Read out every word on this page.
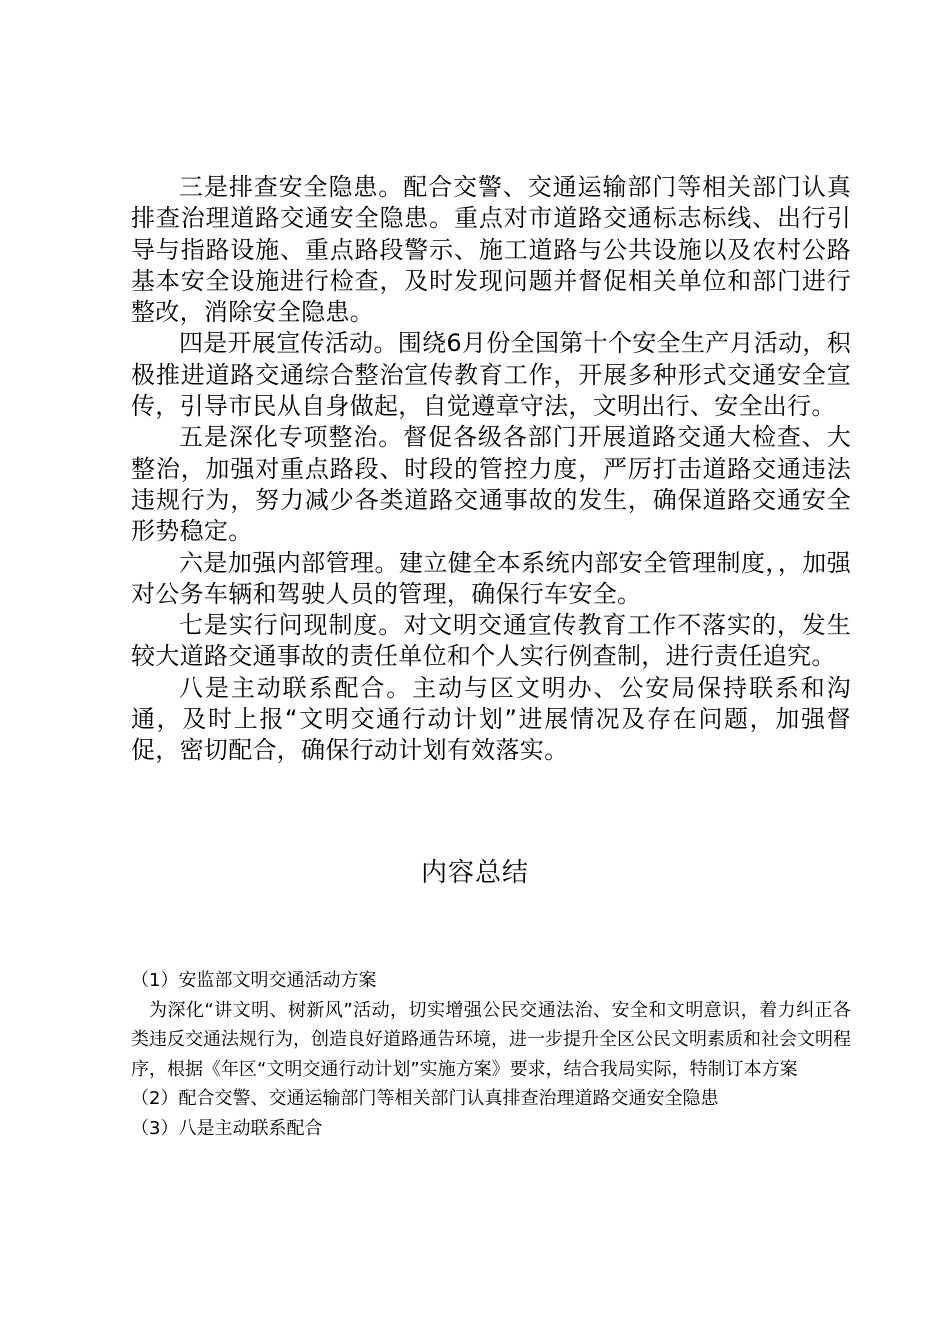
三是排查安全隐患。配合交警、交通运输部门等相关部门认真排查治理道路交通安全隐患。重点对市道路交通标志标线、出行引导与指路设施、重点路段警示、施工道路与公共设施以及农村公路基本安全设施进行检查，及时发现问题并督促相关单位和部门进行整改，消除安全隐患。

四是开展宣传活动。围绕6月份全国第十个安全生产月活动，积极推进道路交通综合整治宣传教育工作，开展多种形式交通安全宣传，引导市民从自身做起，自觉遵章守法，文明出行、安全出行。

五是深化专项整治。督促各级各部门开展道路交通大检查、大整治，加强对重点路段、时段的管控力度，严厉打击道路交通违法违规行为，努力减少各类道路交通事故的发生，确保道路交通安全形势稳定。

六是加强内部管理。建立健全本系统内部安全管理制度，，加强对公务车辆和驾驶人员的管理，确保行车安全。

七是实行问现制度。对文明交通宣传教育工作不落实的，发生较大道路交通事故的责任单位和个人实行例查制，进行责任追究。

八是主动联系配合。主动与区文明办、公安局保持联系和沟通，及时上报“文明交通行动计划”进展情况及存在问题，加强督促，密切配合，确保行动计划有效落实。

内容总结

（1）安监部文明交通活动方案

为深化“讲文明、树新风”活动，切实增强公民交通法治、安全和文明意识，着力纠正各类违反交通法规行为，创造良好道路通告环境，进一步提升全区公民文明素质和社会文明程序，根据《年区“文明交通行动计划”实施方案》要求，结合我局实际，特制订本方案

（2）配合交警、交通运输部门等相关部门认真排查治理道路交通安全隐患

（3）八是主动联系配合
